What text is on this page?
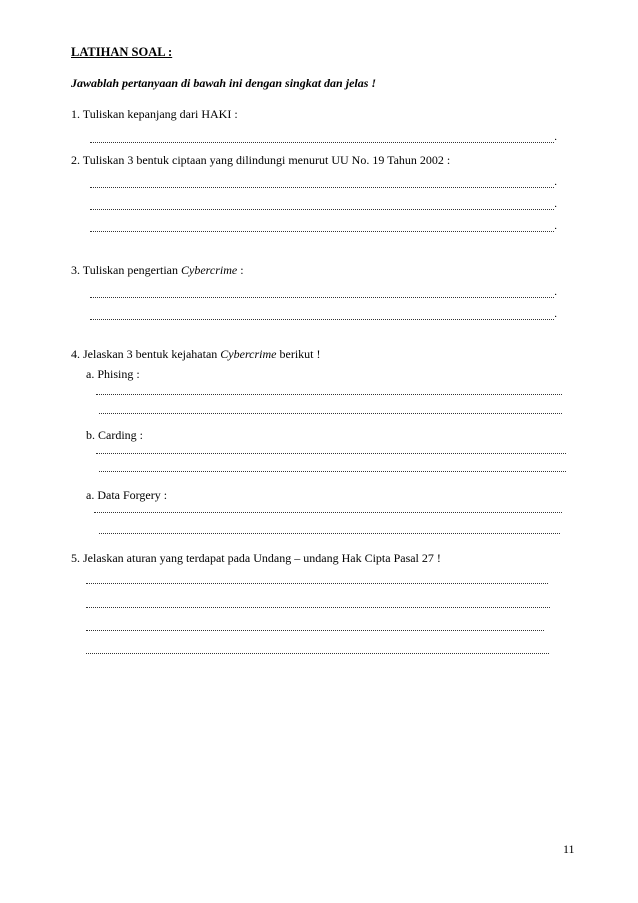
LATIHAN SOAL :
Jawablah pertanyaan di bawah ini dengan singkat dan jelas !
1. Tuliskan kepanjang dari HAKI :
.
2. Tuliskan 3 bentuk ciptaan yang dilindungi menurut UU No. 19 Tahun 2002 :
.
.
.
3. Tuliskan pengertian Cybercrime :
.
.
4. Jelaskan 3 bentuk kejahatan Cybercrime berikut !
a. Phising :
b. Carding :
a. Data Forgery :
5. Jelaskan aturan yang terdapat pada Undang – undang Hak Cipta Pasal 27 !
11
